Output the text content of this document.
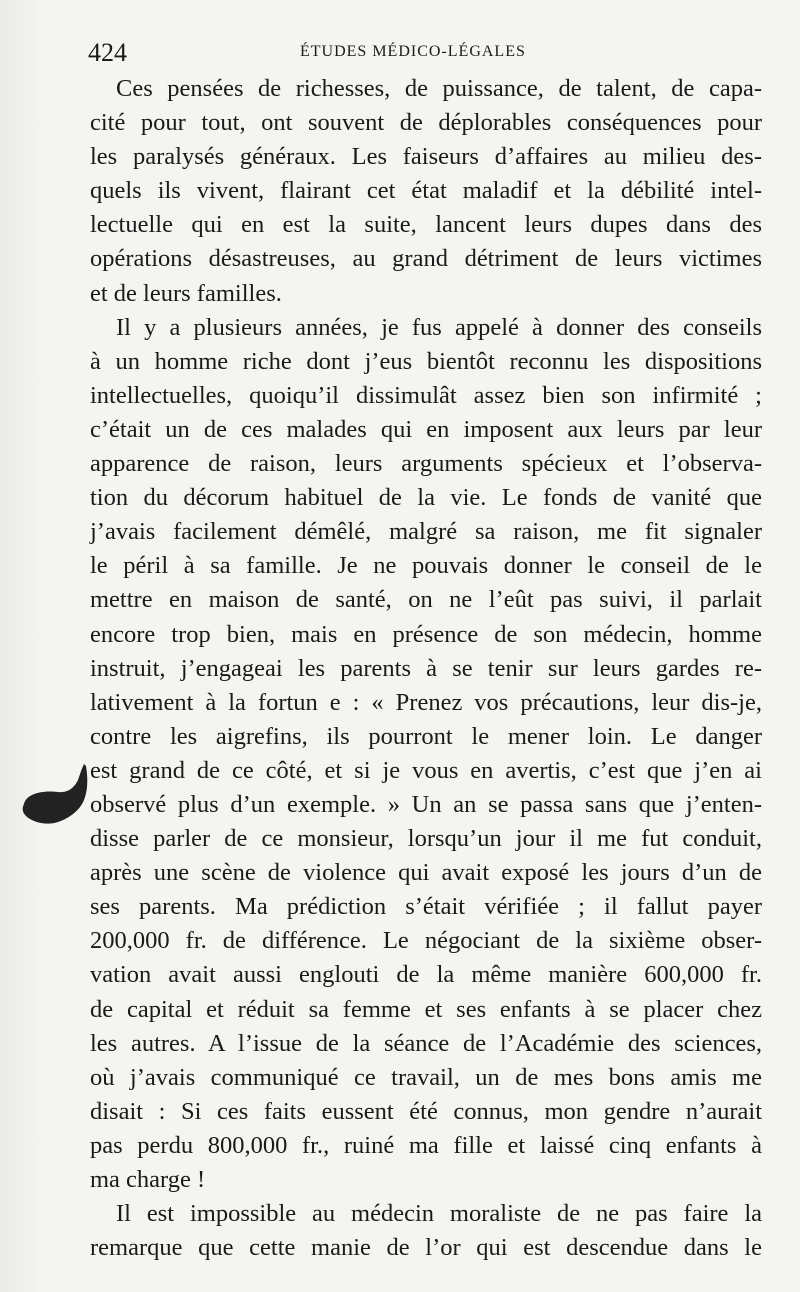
424	ÉTUDES MÉDICO-LÉGALES
Ces pensées de richesses, de puissance, de talent, de capa-
cité pour tout, ont souvent de déplorables conséquences pour
les paralysés généraux. Les faiseurs d’affaires au milieu des-
quels ils vivent, flairant cet état maladif et la débilité intel-
lectuelle qui en est la suite, lancent leurs dupes dans des
opérations désastreuses, au grand détriment de leurs victimes
et de leurs familles.
Il y a plusieurs années, je fus appelé à donner des conseils
à un homme riche dont j’eus bientôt reconnu les dispositions
intellectuelles, quoiqu’il dissimulât assez bien son infirmité ;
c’était un de ces malades qui en imposent aux leurs par leur
apparence de raison, leurs arguments spécieux et l’observa-
tion du décorum habituel de la vie. Le fonds de vanité que
j’avais facilement démêlé, malgré sa raison, me fit signaler
le péril à sa famille. Je ne pouvais donner le conseil de le
mettre en maison de santé, on ne l’eût pas suivi, il parlait
encore trop bien, mais en présence de son médecin, homme
instruit, j’engageai les parents à se tenir sur leurs gardes re-
lativement à la fortun e : « Prenez vos précautions, leur dis-je,
contre les aigrefins, ils pourront le mener loin. Le danger
est grand de ce côté, et si je vous en avertis, c’est que j’en ai
observé plus d’un exemple. » Un an se passa sans que j’enten-
disse parler de ce monsieur, lorsqu’un jour il me fut conduit,
après une scène de violence qui avait exposé les jours d’un de
ses parents. Ma prédiction s’était vérifiée ; il fallut payer
200,000 fr. de différence. Le négociant de la sixième obser-
vation avait aussi englouti de la même manière 600,000 fr.
de capital et réduit sa femme et ses enfants à se placer chez
les autres. A l’issue de la séance de l’Académie des sciences,
où j’avais communiqué ce travail, un de mes bons amis me
disait : Si ces faits eussent été connus, mon gendre n’aurait
pas perdu 800,000 fr., ruiné ma fille et laissé cinq enfants à
ma charge !
Il est impossible au médecin moraliste de ne pas faire la
remarque que cette manie de l’or qui est descendue dans le
